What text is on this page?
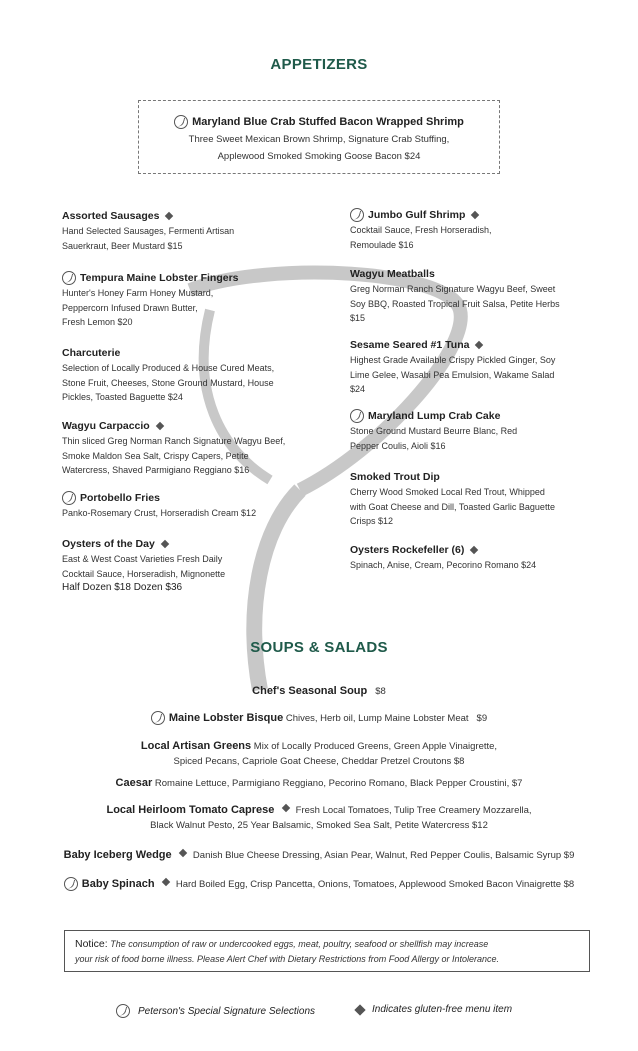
APPETIZERS
Maryland Blue Crab Stuffed Bacon Wrapped Shrimp
Three Sweet Mexican Brown Shrimp, Signature Crab Stuffing,
Applewood Smoked Smoking Goose Bacon $24
Assorted Sausages
Hand Selected Sausages, Fermenti Artisan
Sauerkraut, Beer Mustard $15
Tempura Maine Lobster Fingers
Hunter's Honey Farm Honey Mustard,
Peppercorn Infused Drawn Butter,
Fresh Lemon $20
Charcuterie
Selection of Locally Produced & House Cured Meats,
Stone Fruit, Cheeses, Stone Ground Mustard, House
Pickles, Toasted Baguette $24
Wagyu Carpaccio
Thin sliced Greg Norman Ranch Signature Wagyu Beef,
Smoke Maldon Sea Salt, Crispy Capers, Petite
Watercress, Shaved Parmigiano Reggiano $16
Portobello Fries
Panko-Rosemary Crust, Horseradish Cream $12
Oysters of the Day
East & West Coast Varieties Fresh Daily
Cocktail Sauce, Horseradish, Mignonette
Half Dozen $18 Dozen $36
Jumbo Gulf Shrimp
Cocktail Sauce, Fresh Horseradish,
Remoulade $16
Wagyu Meatballs
Greg Norman Ranch Signature Wagyu Beef, Sweet
Soy BBQ, Roasted Tropical Fruit Salsa, Petite Herbs
$15
Sesame Seared #1 Tuna
Highest Grade Available Crispy Pickled Ginger, Soy
Lime Gelee, Wasabi Pea Emulsion, Wakame Salad
$24
Maryland Lump Crab Cake
Stone Ground Mustard Beurre Blanc, Red
Pepper Coulis, Aioli $16
Smoked Trout Dip
Cherry Wood Smoked Local Red Trout, Whipped
with Goat Cheese and Dill, Toasted Garlic Baguette
Crisps $12
Oysters Rockefeller (6)
Spinach, Anise, Cream, Pecorino Romano $24
SOUPS & SALADS
Chef's Seasonal Soup $8
Maine Lobster Bisque Chives, Herb oil, Lump Maine Lobster Meat $9
Local Artisan Greens Mix of Locally Produced Greens, Green Apple Vinaigrette,
Spiced Pecans, Capriole Goat Cheese, Cheddar Pretzel Croutons $8
Caesar Romaine Lettuce, Parmigiano Reggiano, Pecorino Romano, Black Pepper Croustini, $7
Local Heirloom Tomato Caprese Fresh Local Tomatoes, Tulip Tree Creamery Mozzarella,
Black Walnut Pesto, 25 Year Balsamic, Smoked Sea Salt, Petite Watercress $12
Baby Iceberg Wedge Danish Blue Cheese Dressing, Asian Pear, Walnut, Red Pepper Coulis, Balsamic Syrup $9
Baby Spinach Hard Boiled Egg, Crisp Pancetta, Onions, Tomatoes, Applewood Smoked Bacon Vinaigrette $8
Notice: The consumption of raw or undercooked eggs, meat, poultry, seafood or shellfish may increase
your risk of food borne illness. Please Alert Chef with Dietary Restrictions from Food Allergy or Intolerance.
Peterson's Special Signature Selections	Indicates gluten-free menu item
